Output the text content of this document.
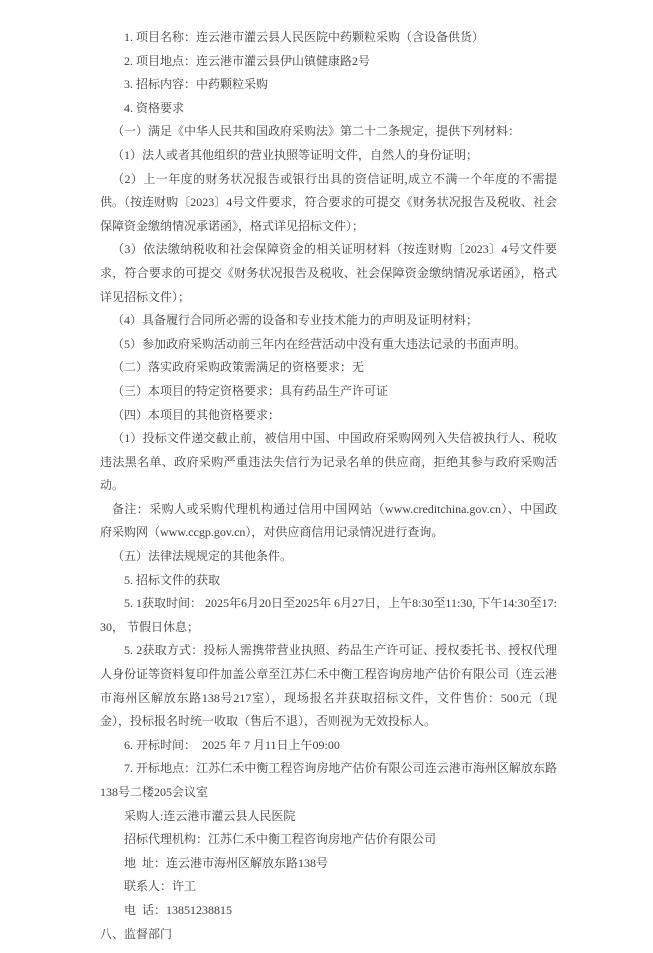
1. 项目名称：连云港市灌云县人民医院中药颗粒采购（含设备供货）

2. 项目地点：连云港市灌云县伊山镇健康路2号

3. 招标内容：中药颗粒采购

4. 资格要求

（一）满足《中华人民共和国政府采购法》第二十二条规定，提供下列材料：

（1）法人或者其他组织的营业执照等证明文件，自然人的身份证明；

（2）上一年度的财务状况报告或银行出具的资信证明,成立不满一个年度的不需提供。（按连财购〔2023〕4号文件要求，符合要求的可提交《财务状况报告及税收、社会保障资金缴纳情况承诺函》，格式详见招标文件）；

（3）依法缴纳税收和社会保障资金的相关证明材料（按连财购〔2023〕4号文件要求，符合要求的可提交《财务状况报告及税收、社会保障资金缴纳情况承诺函》，格式详见招标文件）；

（4）具备履行合同所必需的设备和专业技术能力的声明及证明材料；

（5）参加政府采购活动前三年内在经营活动中没有重大违法记录的书面声明。

（二）落实政府采购政策需满足的资格要求：无

（三）本项目的特定资格要求：具有药品生产许可证

（四）本项目的其他资格要求：

（1）投标文件递交截止前，被信用中国、中国政府采购网列入失信被执行人、税收违法黑名单、政府采购严重违法失信行为记录名单的供应商，拒绝其参与政府采购活动。

备注：采购人或采购代理机构通过信用中国网站（www.creditchina.gov.cn）、中国政府采购网（www.ccgp.gov.cn），对供应商信用记录情况进行查询。

（五）法律法规规定的其他条件。

5. 招标文件的获取

5. 1获取时间： 2025年6月20日至2025年 6月27日，上午8:30至11:30, 下午14:30至17:30， 节假日休息；

5. 2获取方式：投标人需携带营业执照、药品生产许可证、授权委托书、授权代理人身份证等资料复印件加盖公章至江苏仁禾中衡工程咨询房地产估价有限公司（连云港市海州区解放东路138号217室），现场报名并获取招标文件，文件售价：500元（现金），投标报名时统一收取（售后不退），否则视为无效投标人。

6. 开标时间：  2025 年 7 月11日上午09:00

7. 开标地点：江苏仁禾中衡工程咨询房地产估价有限公司连云港市海州区解放东路138号二楼205会议室

采购人:连云港市灌云县人民医院

招标代理机构：江苏仁禾中衡工程咨询房地产估价有限公司

地  址：连云港市海州区解放东路138号

联系人：许工

电  话：13851238815

八、监督部门
